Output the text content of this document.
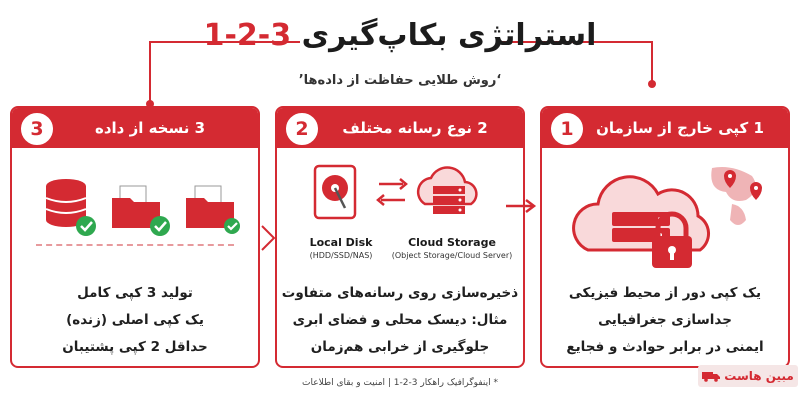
استراتژی بکاپ‌گیری 3-2-1
‘روش طلایی حفاظت از داده‌ها’
3 نسخه از داده
3
تولید 3 کپی کامل
یک کپی اصلی (زنده)
حداقل 2 کپی پشتیبان
2 نوع رسانه مختلف
2
Local Disk
(HDD/SSD/NAS)
Cloud Storage
(Object Storage/Cloud Server)
ذخیره‌سازی روی رسانه‌های متفاوت
مثال: دیسک محلی و فضای ابری
جلوگیری از خرابی هم‌زمان
1 کپی خارج از سازمان
1
یک کپی دور از محیط فیزیکی
جداسازی جغرافیایی
ایمنی در برابر حوادث و فجایع
* اینفوگرافیک راهکار 3-2-1 | امنیت و بقای اطلاعات	مبین هاست
